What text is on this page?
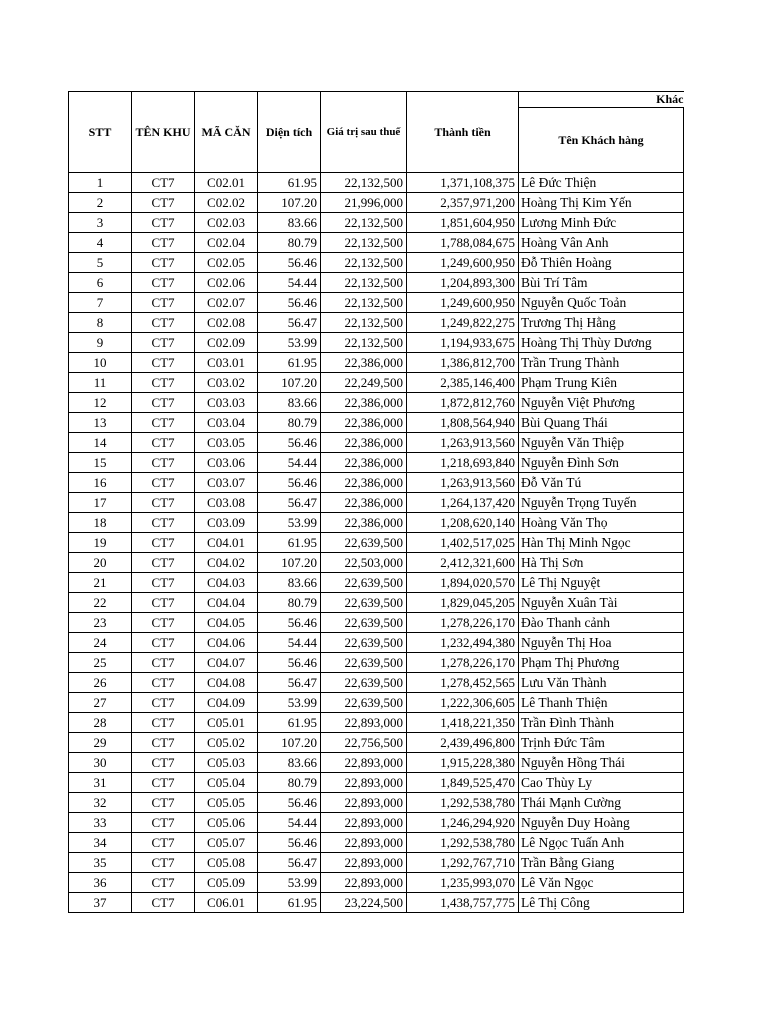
STT	TÊN KHU	MÃ CĂN	Diện tích	Giá trị sau thuế	Thành tiền	Khác
						Tên Khách hàng
1	CT7	C02.01	61.95	22,132,500	1,371,108,375	Lê Đức Thiện
2	CT7	C02.02	107.20	21,996,000	2,357,971,200	Hoàng Thị Kim Yến
3	CT7	C02.03	83.66	22,132,500	1,851,604,950	Lương Minh Đức
4	CT7	C02.04	80.79	22,132,500	1,788,084,675	Hoàng Vân Anh
5	CT7	C02.05	56.46	22,132,500	1,249,600,950	Đỗ Thiên Hoàng
6	CT7	C02.06	54.44	22,132,500	1,204,893,300	Bùi Trí Tâm
7	CT7	C02.07	56.46	22,132,500	1,249,600,950	Nguyễn Quốc Toản
8	CT7	C02.08	56.47	22,132,500	1,249,822,275	Trương Thị Hằng
9	CT7	C02.09	53.99	22,132,500	1,194,933,675	Hoàng Thị Thùy Dương
10	CT7	C03.01	61.95	22,386,000	1,386,812,700	Trần Trung Thành
11	CT7	C03.02	107.20	22,249,500	2,385,146,400	Phạm Trung Kiên
12	CT7	C03.03	83.66	22,386,000	1,872,812,760	Nguyễn Việt Phương
13	CT7	C03.04	80.79	22,386,000	1,808,564,940	Bùi Quang Thái
14	CT7	C03.05	56.46	22,386,000	1,263,913,560	Nguyễn Văn Thiệp
15	CT7	C03.06	54.44	22,386,000	1,218,693,840	Nguyễn Đình Sơn
16	CT7	C03.07	56.46	22,386,000	1,263,913,560	Đỗ Văn Tú
17	CT7	C03.08	56.47	22,386,000	1,264,137,420	Nguyễn Trọng Tuyến
18	CT7	C03.09	53.99	22,386,000	1,208,620,140	Hoàng Văn Thọ
19	CT7	C04.01	61.95	22,639,500	1,402,517,025	Hàn Thị Minh Ngọc
20	CT7	C04.02	107.20	22,503,000	2,412,321,600	Hà Thị Sơn
21	CT7	C04.03	83.66	22,639,500	1,894,020,570	Lê Thị Nguyệt
22	CT7	C04.04	80.79	22,639,500	1,829,045,205	Nguyễn Xuân Tài
23	CT7	C04.05	56.46	22,639,500	1,278,226,170	Đào Thanh cảnh
24	CT7	C04.06	54.44	22,639,500	1,232,494,380	Nguyễn Thị Hoa
25	CT7	C04.07	56.46	22,639,500	1,278,226,170	Phạm Thị Phương
26	CT7	C04.08	56.47	22,639,500	1,278,452,565	Lưu Văn Thành
27	CT7	C04.09	53.99	22,639,500	1,222,306,605	Lê Thanh Thiện
28	CT7	C05.01	61.95	22,893,000	1,418,221,350	Trần Đình Thành
29	CT7	C05.02	107.20	22,756,500	2,439,496,800	Trịnh Đức Tâm
30	CT7	C05.03	83.66	22,893,000	1,915,228,380	Nguyễn Hồng Thái
31	CT7	C05.04	80.79	22,893,000	1,849,525,470	Cao Thùy Ly
32	CT7	C05.05	56.46	22,893,000	1,292,538,780	Thái Mạnh Cường
33	CT7	C05.06	54.44	22,893,000	1,246,294,920	Nguyễn Duy Hoàng
34	CT7	C05.07	56.46	22,893,000	1,292,538,780	Lê Ngọc Tuấn Anh
35	CT7	C05.08	56.47	22,893,000	1,292,767,710	Trần Bằng Giang
36	CT7	C05.09	53.99	22,893,000	1,235,993,070	Lê Văn Ngọc
37	CT7	C06.01	61.95	23,224,500	1,438,757,775	Lê Thị Công
